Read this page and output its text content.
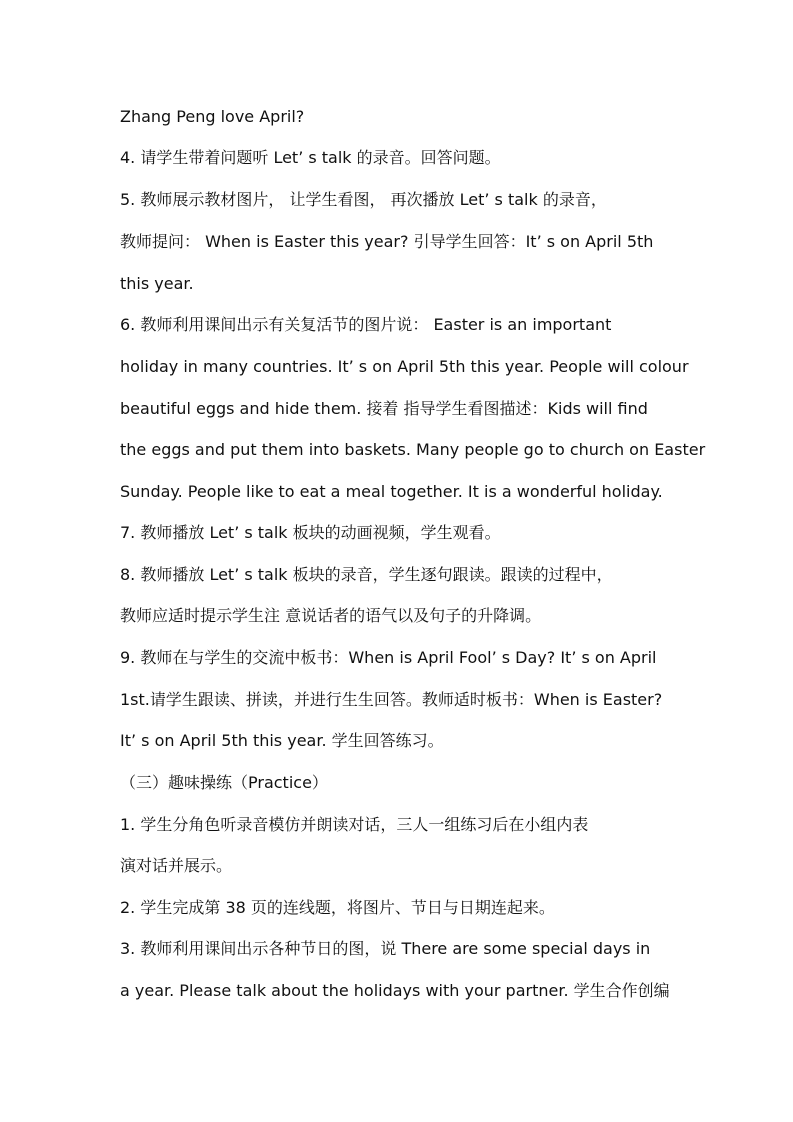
Zhang Peng love April?
4. 请学生带着问题听 Let’ s talk 的录音。回答问题。
5. 教师展示教材图片， 让学生看图， 再次播放 Let’ s talk 的录音，
教师提问： When is Easter this year? 引导学生回答：It’ s on April 5th
this year.
6. 教师利用课间出示有关复活节的图片说： Easter is an important
holiday in many countries. It’ s on April 5th this year. People will colour
beautiful eggs and hide them. 接着 指导学生看图描述：Kids will find
the eggs and put them into baskets. Many people go to church on Easter
Sunday. People like to eat a meal together. It is a wonderful holiday.
7. 教师播放 Let’ s talk 板块的动画视频，学生观看。
8. 教师播放 Let’ s talk 板块的录音，学生逐句跟读。跟读的过程中，
教师应适时提示学生注 意说话者的语气以及句子的升降调。
9. 教师在与学生的交流中板书：When is April Fool’ s Day? It’ s on April
1st.请学生跟读、拼读，并进行生生回答。教师适时板书：When is Easter?
It’ s on April 5th this year. 学生回答练习。
（三）趣味操练（Practice）
1. 学生分角色听录音模仿并朗读对话，三人一组练习后在小组内表
演对话并展示。
2. 学生完成第 38 页的连线题，将图片、节日与日期连起来。
3. 教师利用课间出示各种节日的图，说 There are some special days in
a year. Please talk about the holidays with your partner. 学生合作创编
